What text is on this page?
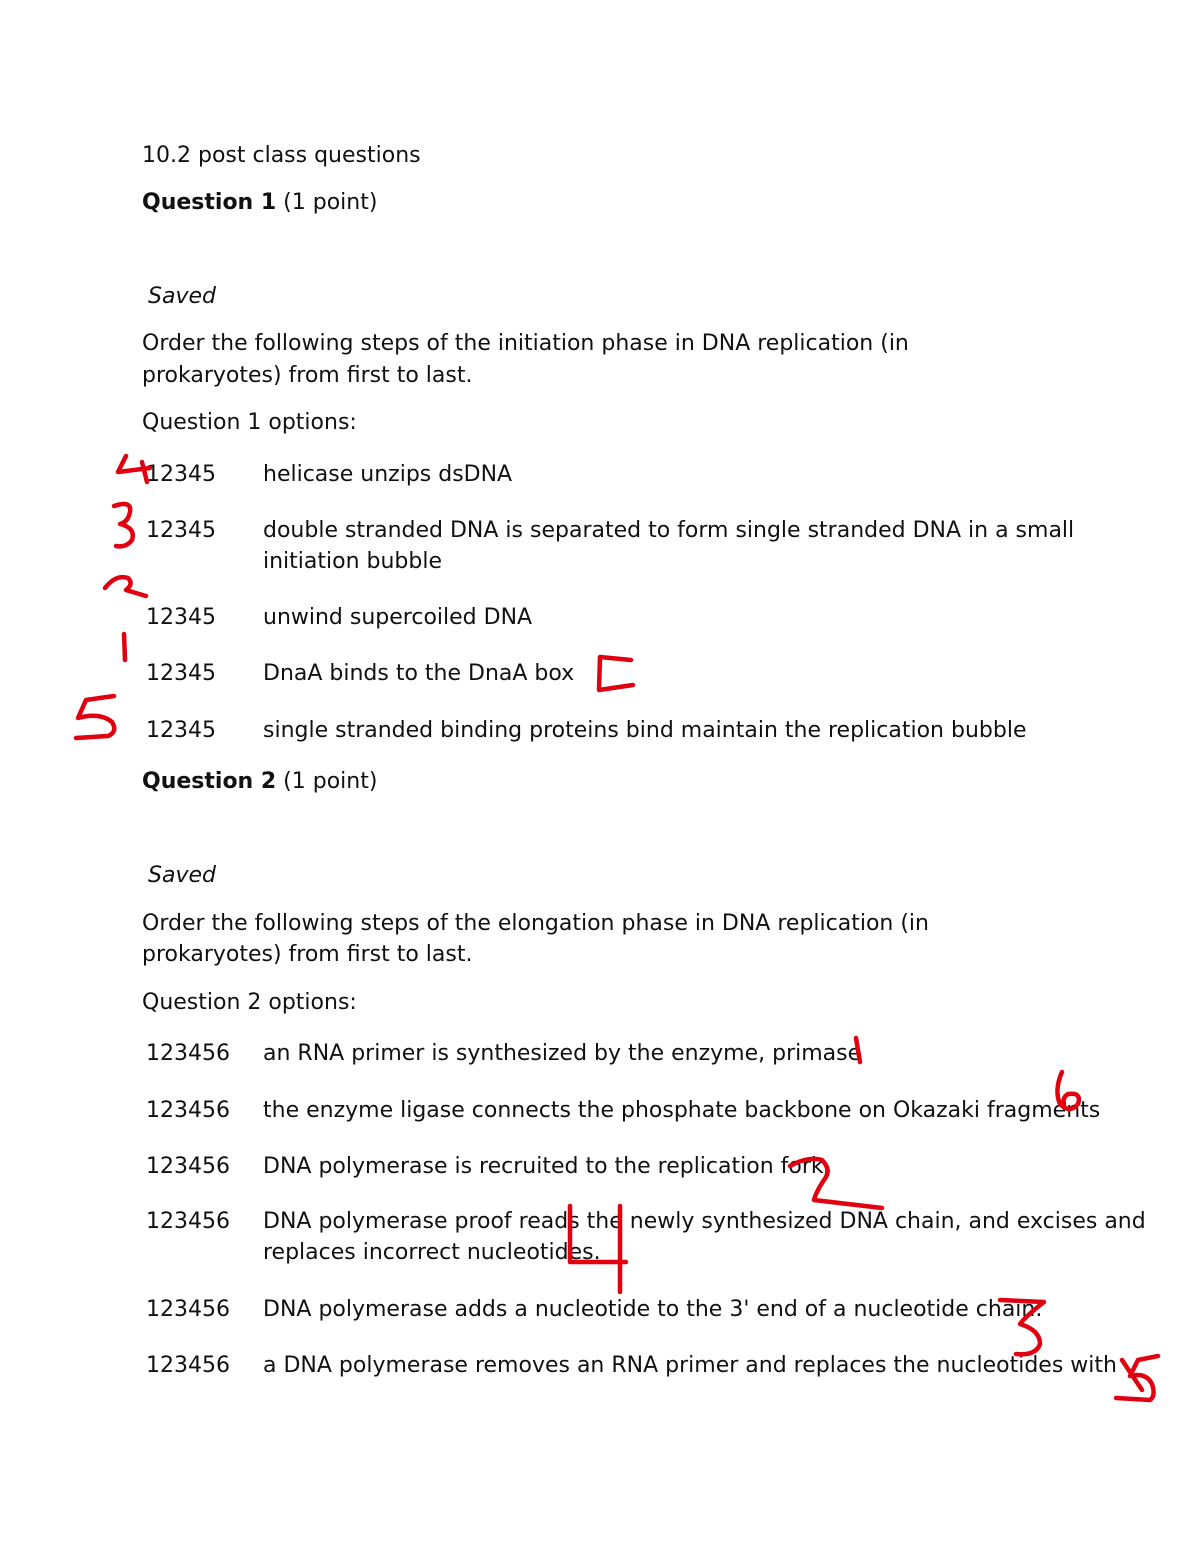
10.2 post class questions
Question 1 (1 point)
Saved
Order the following steps of the initiation phase in DNA replication (in
prokaryotes) from first to last.
Question 1 options:
12345 helicase unzips dsDNA
12345 double stranded DNA is separated to form single stranded DNA in a small initiation bubble
12345 unwind supercoiled DNA
12345 DnaA binds to the DnaA box
12345 single stranded binding proteins bind maintain the replication bubble
Question 2 (1 point)
Saved
Order the following steps of the elongation phase in DNA replication (in
prokaryotes) from first to last.
Question 2 options:
123456 an RNA primer is synthesized by the enzyme, primase
123456 the enzyme ligase connects the phosphate backbone on Okazaki fragments
123456 DNA polymerase is recruited to the replication fork
123456 DNA polymerase proof reads the newly synthesized DNA chain, and excises and replaces incorrect nucleotides.
123456 DNA polymerase adds a nucleotide to the 3' end of a nucleotide chain.
123456 a DNA polymerase removes an RNA primer and replaces the nucleotides with
